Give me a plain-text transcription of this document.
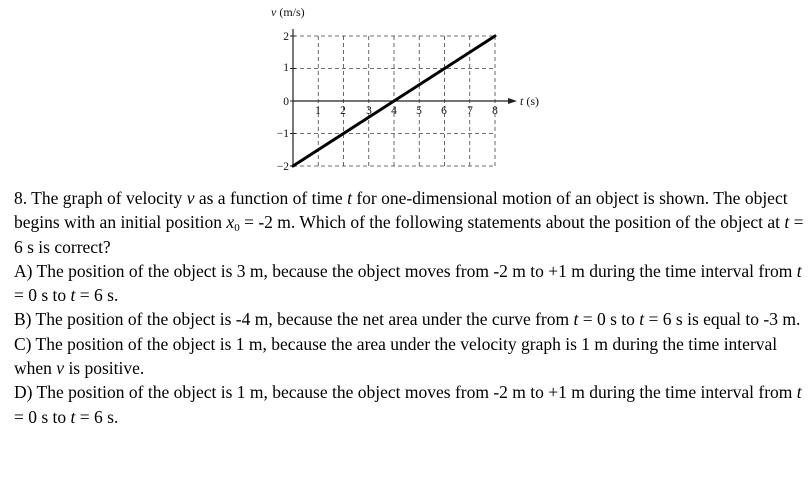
v (m/s)
t (s)
2
1
0
−1
−2
1 2 3 4 5 6 7 8

8. The graph of velocity v as a function of time t for one-dimensional motion of an object is shown. The object begins with an initial position $x_0 = -2$ m. Which of the following statements about the position of the object at t = 6 s is correct?

A) The position of the object is 3 m, because the object moves from -2 m to +1 m during the time interval from t = 0 s to t = 6 s.

B) The position of the object is -4 m, because the net area under the curve from t = 0 s to t = 6 s is equal to -3 m.

C) The position of the object is 1 m, because the area under the velocity graph is 1 m during the time interval when v is positive.

D) The position of the object is 1 m, because the object moves from -2 m to +1 m during the time interval from t = 0 s to t = 6 s.
